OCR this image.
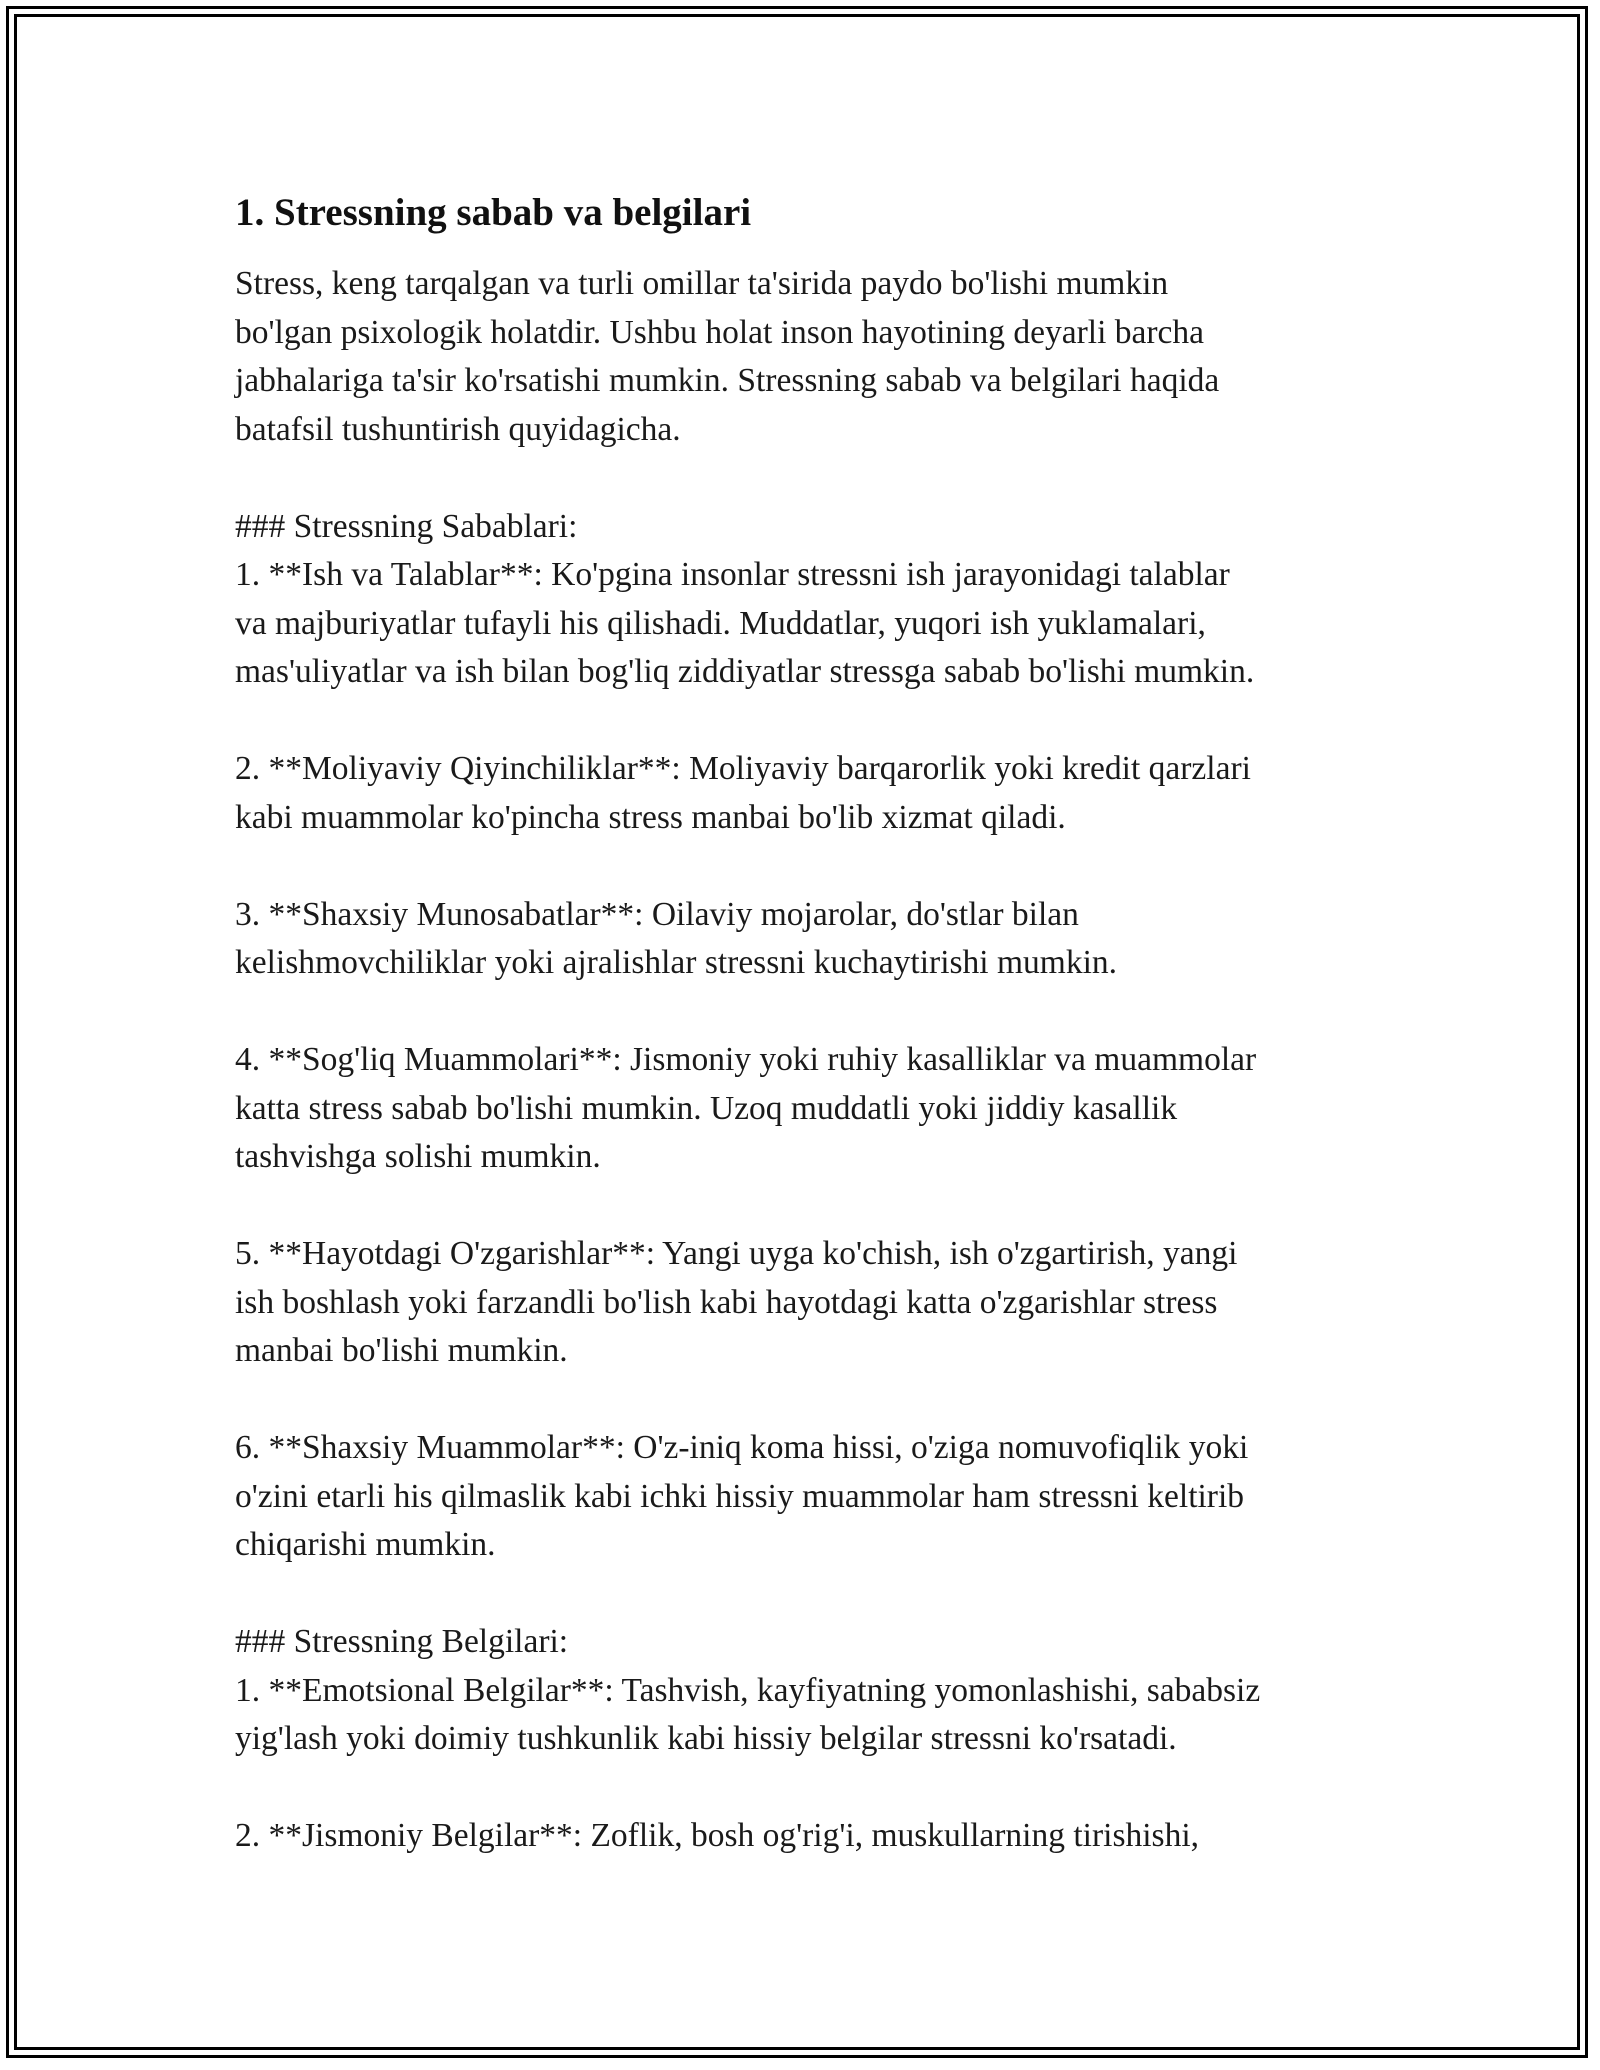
1. Stressning sabab va belgilari

Stress, keng tarqalgan va turli omillar ta'sirida paydo bo'lishi mumkin
bo'lgan psixologik holatdir. Ushbu holat inson hayotining deyarli barcha
jabhalariga ta'sir ko'rsatishi mumkin. Stressning sabab va belgilari haqida
batafsil tushuntirish quyidagicha.

### Stressning Sabablari:
1. **Ish va Talablar**: Ko'pgina insonlar stressni ish jarayonidagi talablar
va majburiyatlar tufayli his qilishadi. Muddatlar, yuqori ish yuklamalari,
mas'uliyatlar va ish bilan bog'liq ziddiyatlar stressga sabab bo'lishi mumkin.

2. **Moliyaviy Qiyinchiliklar**: Moliyaviy barqarorlik yoki kredit qarzlari
kabi muammolar ko'pincha stress manbai bo'lib xizmat qiladi.

3. **Shaxsiy Munosabatlar**: Oilaviy mojarolar, do'stlar bilan
kelishmovchiliklar yoki ajralishlar stressni kuchaytirishi mumkin.

4. **Sog'liq Muammolari**: Jismoniy yoki ruhiy kasalliklar va muammolar
katta stress sabab bo'lishi mumkin. Uzoq muddatli yoki jiddiy kasallik
tashvishga solishi mumkin.

5. **Hayotdagi O'zgarishlar**: Yangi uyga ko'chish, ish o'zgartirish, yangi
ish boshlash yoki farzandli bo'lish kabi hayotdagi katta o'zgarishlar stress
manbai bo'lishi mumkin.

6. **Shaxsiy Muammolar**: O'z-iniq koma hissi, o'ziga nomuvofiqlik yoki
o'zini etarli his qilmaslik kabi ichki hissiy muammolar ham stressni keltirib
chiqarishi mumkin.

### Stressning Belgilari:
1. **Emotsional Belgilar**: Tashvish, kayfiyatning yomonlashishi, sababsiz
yig'lash yoki doimiy tushkunlik kabi hissiy belgilar stressni ko'rsatadi.

2. **Jismoniy Belgilar**: Zoflik, bosh og'rig'i, muskullarning tirishishi,
